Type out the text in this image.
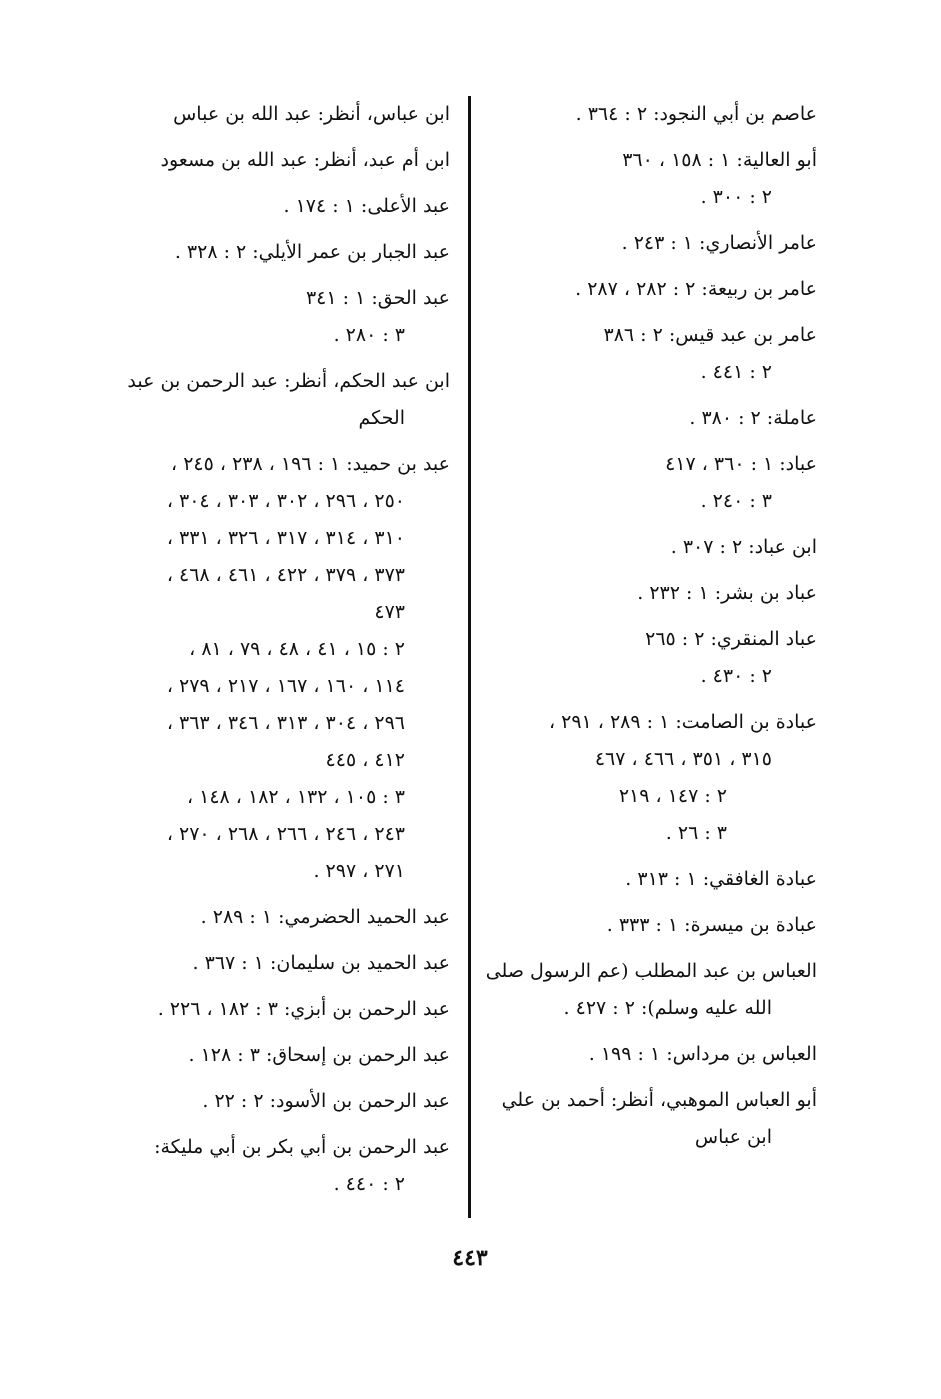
عاصم بن أبي النجود: ٢ : ٣٦٤ .
أبو العالية: ١ : ١٥٨ ، ٣٦٠
٢ : ٣٠٠ .
عامر الأنصاري: ١ : ٢٤٣ .
عامر بن ربيعة: ٢ : ٢٨٢ ، ٢٨٧ .
عامر بن عبد قيس: ٢ : ٣٨٦
٢ : ٤٤١ .
عاملة: ٢ : ٣٨٠ .
عباد: ١ : ٣٦٠ ، ٤١٧
٣ : ٢٤٠ .
ابن عباد: ٢ : ٣٠٧ .
عباد بن بشر: ١ : ٢٣٢ .
عباد المنقري: ٢ : ٢٦٥
٢ : ٤٣٠ .
عبادة بن الصامت: ١ : ٢٨٩ ، ٢٩١ ،
٣١٥ ، ٣٥١ ، ٤٦٦ ، ٤٦٧
٢ : ١٤٧ ، ٢١٩
٣ : ٢٦ .
عبادة الغافقي: ١ : ٣١٣ .
عبادة بن ميسرة: ١ : ٣٣٣ .
العباس بن عبد المطلب (عم الرسول صلى
الله عليه وسلم): ٢ : ٤٢٧ .
العباس بن مرداس: ١ : ١٩٩ .
أبو العباس الموهبي، أنظر: أحمد بن علي
ابن عباس
ابن عباس، أنظر: عبد الله بن عباس
ابن أم عبد، أنظر: عبد الله بن مسعود
عبد الأعلى: ١ : ١٧٤ .
عبد الجبار بن عمر الأيلي: ٢ : ٣٢٨ .
عبد الحق: ١ : ٣٤١
٣ : ٢٨٠ .
ابن عبد الحكم، أنظر: عبد الرحمن بن عبد
الحكم
عبد بن حميد: ١ : ١٩٦ ، ٢٣٨ ، ٢٤٥ ،
٢٥٠ ، ٢٩٦ ، ٣٠٢ ، ٣٠٣ ، ٣٠٤ ،
٣١٠ ، ٣١٤ ، ٣١٧ ، ٣٢٦ ، ٣٣١ ،
٣٧٣ ، ٣٧٩ ، ٤٢٢ ، ٤٦١ ، ٤٦٨ ،
٤٧٣
٢ : ١٥ ، ٤١ ، ٤٨ ، ٧٩ ، ٨١ ،
١١٤ ، ١٦٠ ، ١٦٧ ، ٢١٧ ، ٢٧٩ ،
٢٩٦ ، ٣٠٤ ، ٣١٣ ، ٣٤٦ ، ٣٦٣ ،
٤١٢ ، ٤٤٥
٣ : ١٠٥ ، ١٣٢ ، ١٨٢ ، ١٤٨ ،
٢٤٣ ، ٢٤٦ ، ٢٦٦ ، ٢٦٨ ، ٢٧٠ ،
٢٧١ ، ٢٩٧ .
عبد الحميد الحضرمي: ١ : ٢٨٩ .
عبد الحميد بن سليمان: ١ : ٣٦٧ .
عبد الرحمن بن أبزي: ٣ : ١٨٢ ، ٢٢٦ .
عبد الرحمن بن إسحاق: ٣ : ١٢٨ .
عبد الرحمن بن الأسود: ٢ : ٢٢ .
عبد الرحمن بن أبي بكر بن أبي مليكة:
٢ : ٤٤٠ .
٤٤٣
